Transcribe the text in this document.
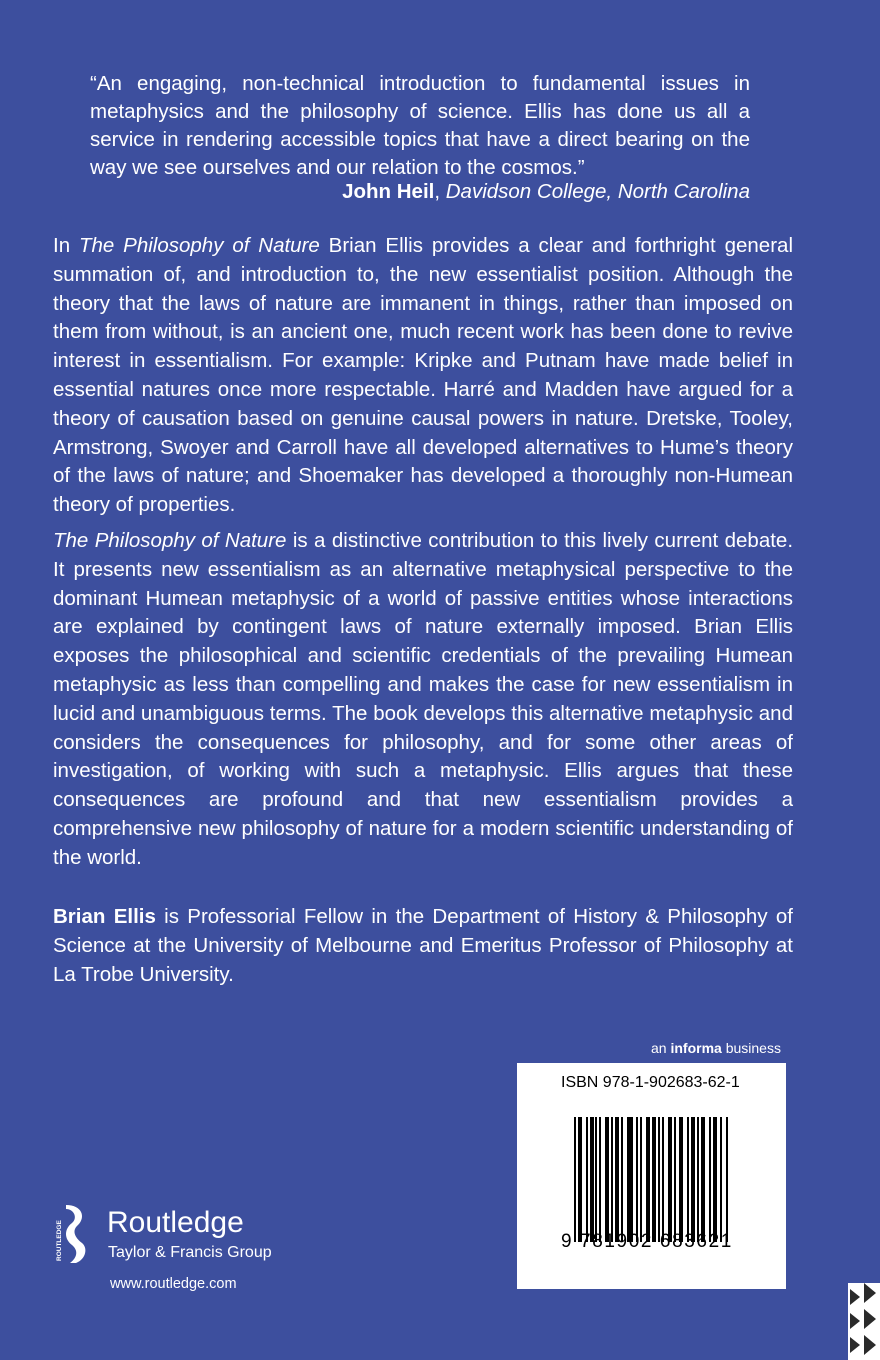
“An engaging, non-technical introduction to fundamental issues in metaphysics and the philosophy of science. Ellis has done us all a service in rendering accessible topics that have a direct bearing on the way we see ourselves and our relation to the cosmos.”
John Heil, Davidson College, North Carolina
In The Philosophy of Nature Brian Ellis provides a clear and forthright general summation of, and introduction to, the new essentialist position. Although the theory that the laws of nature are immanent in things, rather than imposed on them from without, is an ancient one, much recent work has been done to revive interest in essentialism. For example: Kripke and Putnam have made belief in essential natures once more respectable. Harré and Madden have argued for a theory of causation based on genuine causal powers in nature. Dretske, Tooley, Armstrong, Swoyer and Carroll have all developed alternatives to Hume’s theory of the laws of nature; and Shoemaker has developed a thoroughly non-Humean theory of properties.
The Philosophy of Nature is a distinctive contribution to this lively current debate. It presents new essentialism as an alternative metaphysical perspective to the dominant Humean metaphysic of a world of passive entities whose interactions are explained by contingent laws of nature externally imposed. Brian Ellis exposes the philosophical and scientific credentials of the prevailing Humean metaphysic as less than compelling and makes the case for new essentialism in lucid and unambiguous terms. The book develops this alternative metaphysic and considers the consequences for philosophy, and for some other areas of investigation, of working with such a metaphysic. Ellis argues that these consequences are profound and that new essentialism provides a comprehensive new philosophy of nature for a modern scientific understanding of the world.
Brian Ellis is Professorial Fellow in the Department of History & Philosophy of Science at the University of Melbourne and Emeritus Professor of Philosophy at La Trobe University.
an informa business
ISBN 978-1-902683-62-1
9 781902 683621
ROUTLEDGE Routledge
Taylor & Francis Group
www.routledge.com
